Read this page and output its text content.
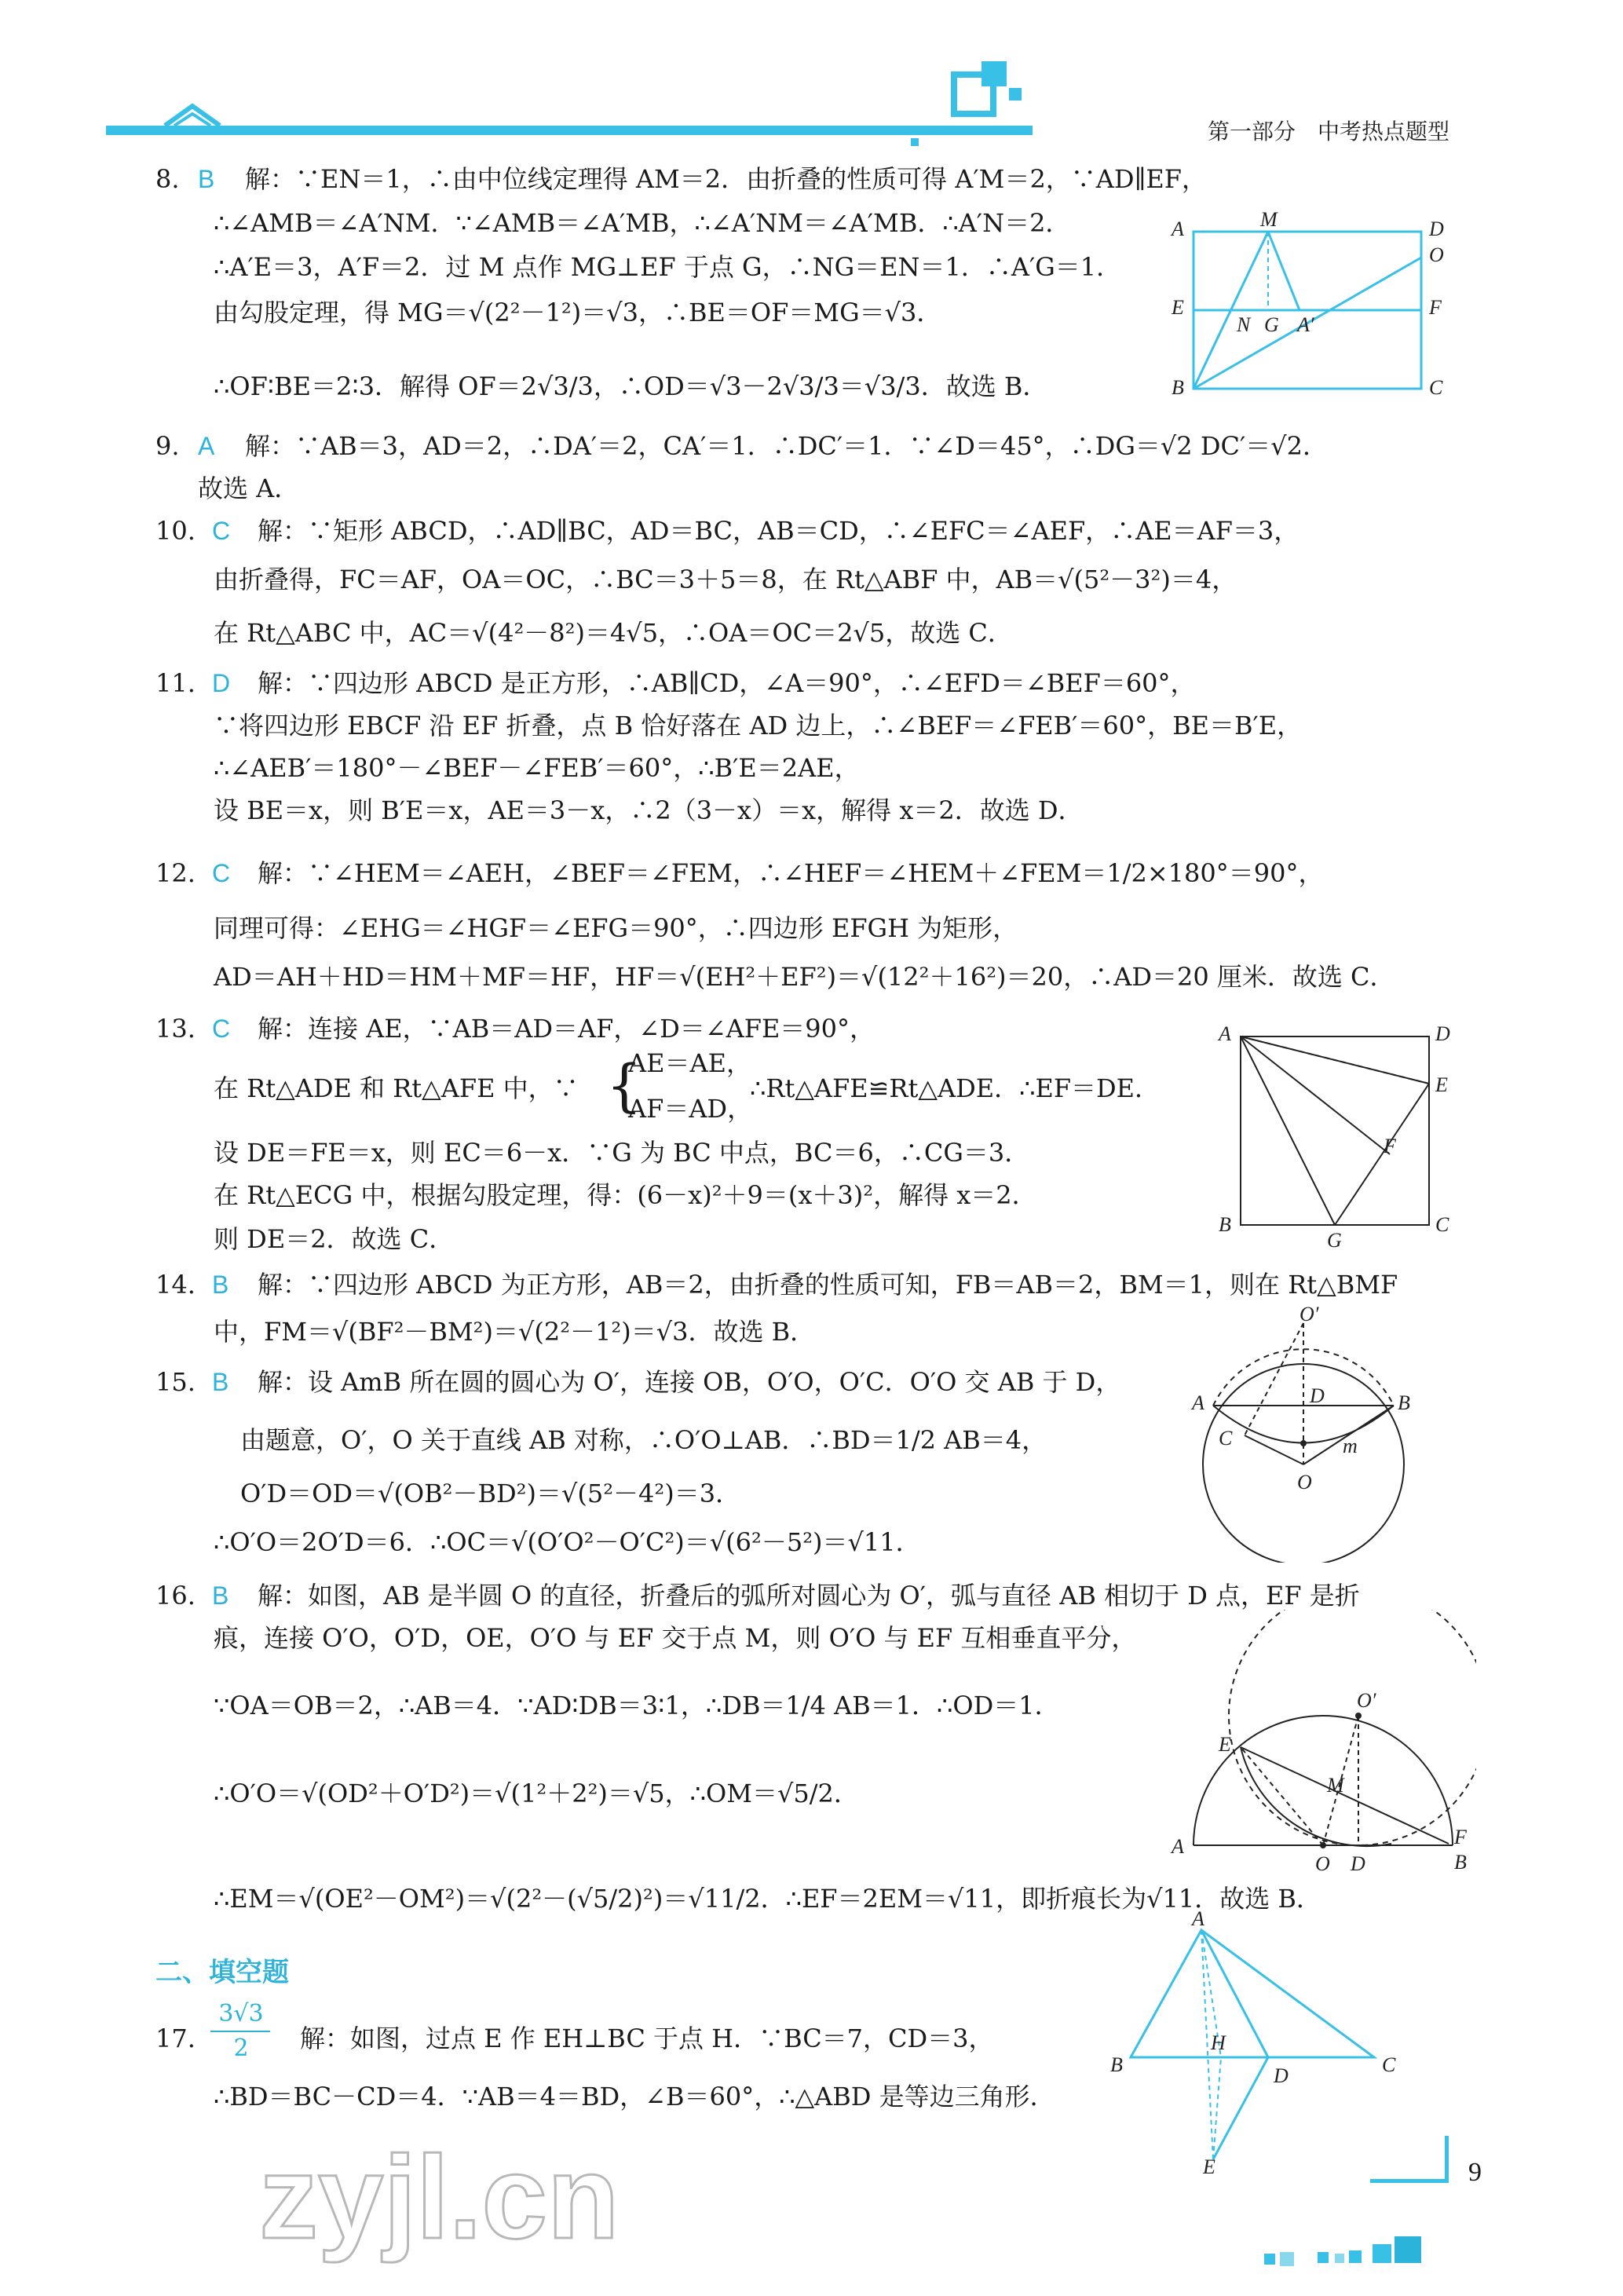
第一部分　中考热点题型
8. B 解：∵EN＝1，∴由中位线定理得 AM＝2．由折叠的性质可得 A′M＝2，∵AD∥EF，
∴∠AMB＝∠A′NM．∵∠AMB＝∠A′MB，∴∠A′NM＝∠A′MB．∴A′N＝2．
∴A′E＝3，A′F＝2．过 M 点作 MG⊥EF 于点 G，∴NG＝EN＝1．∴A′G＝1．
由勾股定理，得 MG＝√(2²－1²)＝√3，∴BE＝OF＝MG＝√3．
∴OF∶BE＝2∶3．解得 OF＝2√3/3，∴OD＝√3－2√3/3＝√3/3．故选 B．
A	M	D
O
E
N G A′
F
B	C
9. A 解：∵AB＝3，AD＝2，∴DA′＝2，CA′＝1．∴DC′＝1．∵∠D＝45°，∴DG＝√2 DC′＝√2．
故选 A．
10. C 解：∵矩形 ABCD，∴AD∥BC，AD＝BC，AB＝CD，∴∠EFC＝∠AEF，∴AE＝AF＝3，
由折叠得，FC＝AF，OA＝OC，∴BC＝3＋5＝8，在 Rt△ABF 中，AB＝√(5²－3²)＝4，
在 Rt△ABC 中，AC＝√(4²－8²)＝4√5，∴OA＝OC＝2√5，故选 C．
11. D 解：∵四边形 ABCD 是正方形，∴AB∥CD，∠A＝90°，∴∠EFD＝∠BEF＝60°，
∵将四边形 EBCF 沿 EF 折叠，点 B 恰好落在 AD 边上，∴∠BEF＝∠FEB′＝60°，BE＝B′E，
∴∠AEB′＝180°－∠BEF－∠FEB′＝60°，∴B′E＝2AE，
设 BE＝x，则 B′E＝x，AE＝3－x，∴2（3－x）＝x，解得 x＝2．故选 D．
12. C 解：∵∠HEM＝∠AEH，∠BEF＝∠FEM，∴∠HEF＝∠HEM＋∠FEM＝1/2×180°＝90°，
同理可得：∠EHG＝∠HGF＝∠EFG＝90°，∴四边形 EFGH 为矩形，
AD＝AH＋HD＝HM＋MF＝HF，HF＝√(EH²＋EF²)＝√(12²＋16²)＝20，∴AD＝20 厘米．故选 C．
13. C 解：连接 AE，∵AB＝AD＝AF，∠D＝∠AFE＝90°，
在 Rt△ADE 和 Rt△AFE 中，∵ {
AE＝AE，
AF＝AD，
∴Rt△AFE≌Rt△ADE．∴EF＝DE．
设 DE＝FE＝x，则 EC＝6－x．∵G 为 BC 中点，BC＝6，∴CG＝3．
在 Rt△ECG 中，根据勾股定理，得：(6－x)²＋9＝(x＋3)²，解得 x＝2．
则 DE＝2．故选 C．
A	D
E
F
B
G
C
14. B 解：∵四边形 ABCD 为正方形，AB＝2，由折叠的性质可知，FB＝AB＝2，BM＝1，则在 Rt△BMF
中，FM＝√(BF²－BM²)＝√(2²－1²)＝√3．故选 B．
15. B 解：设 AmB 所在圆的圆心为 O′，连接 OB，O′O，O′C．O′O 交 AB 于 D，
由题意，O′，O 关于直线 AB 对称，∴O′O⊥AB．∴BD＝1/2 AB＝4，
O′D＝OD＝√(OB²－BD²)＝√(5²－4²)＝3．
∴O′O＝2O′D＝6．∴OC＝√(O′O²－O′C²)＝√(6²－5²)＝√11．
O′
A	D	B
C	m
O
16. B 解：如图，AB 是半圆 O 的直径，折叠后的弧所对圆心为 O′，弧与直径 AB 相切于 D 点，EF 是折
痕，连接 O′O，O′D，OE，O′O 与 EF 交于点 M，则 O′O 与 EF 互相垂直平分，
∵OA＝OB＝2，∴AB＝4．∵AD∶DB＝3∶1，∴DB＝1/4 AB＝1．∴OD＝1．
∴O′O＝√(OD²＋O′D²)＝√(1²＋2²)＝√5，∴OM＝√5/2．
∴EM＝√(OE²－OM²)＝√(2²－(√5/2)²)＝√11/2．∴EF＝2EM＝√11，即折痕长为√11．故选 B．
O′
E
M
A
O D
F
B
二、填空题
17.
3√3
2	解：如图，过点 E 作 EH⊥BC 于点 H．∵BC＝7，CD＝3，
∴BD＝BC－CD＝4．∵AB＝4＝BD，∠B＝60°，∴△ABD 是等边三角形．
A
B
H
C
D
E
zyjl.cn	9
